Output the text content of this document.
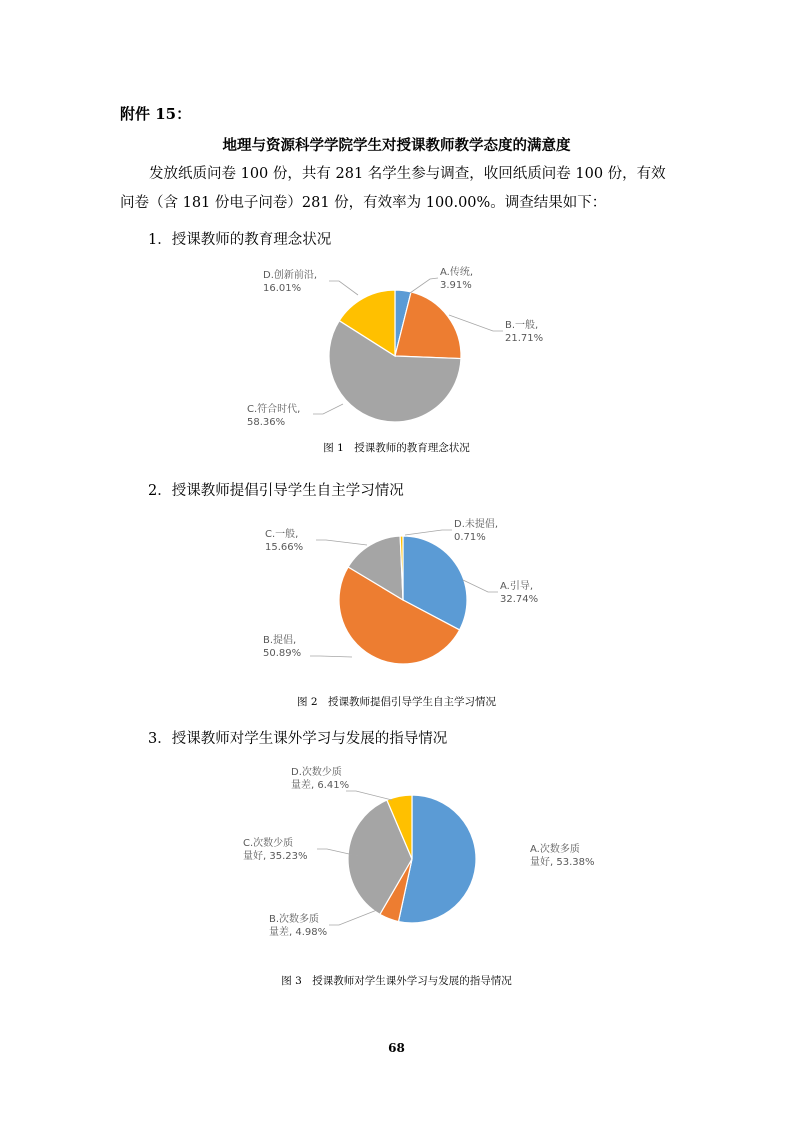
附件 15：
地理与资源科学学院学生对授课教师教学态度的满意度
发放纸质问卷 100 份，共有 281 名学生参与调查，收回纸质问卷 100 份，有效问卷（含 181 份电子问卷）281 份，有效率为 100.00%。调查结果如下：
1．授课教师的教育理念状况
A.传统, 3.91%
B.一般, 21.71%
C.符合时代, 58.36%
D.创新前沿, 16.01%
图 1　授课教师的教育理念状况
2．授课教师提倡引导学生自主学习情况
A.引导, 32.74%
B.提倡, 50.89%
C.一般, 15.66%
D.未提倡, 0.71%
图 2　授课教师提倡引导学生自主学习情况
3．授课教师对学生课外学习与发展的指导情况
A.次数多质量好, 53.38%
B.次数多质量差, 4.98%
C.次数少质量好, 35.23%
D.次数少质量差, 6.41%
图 3　授课教师对学生课外学习与发展的指导情况
68
